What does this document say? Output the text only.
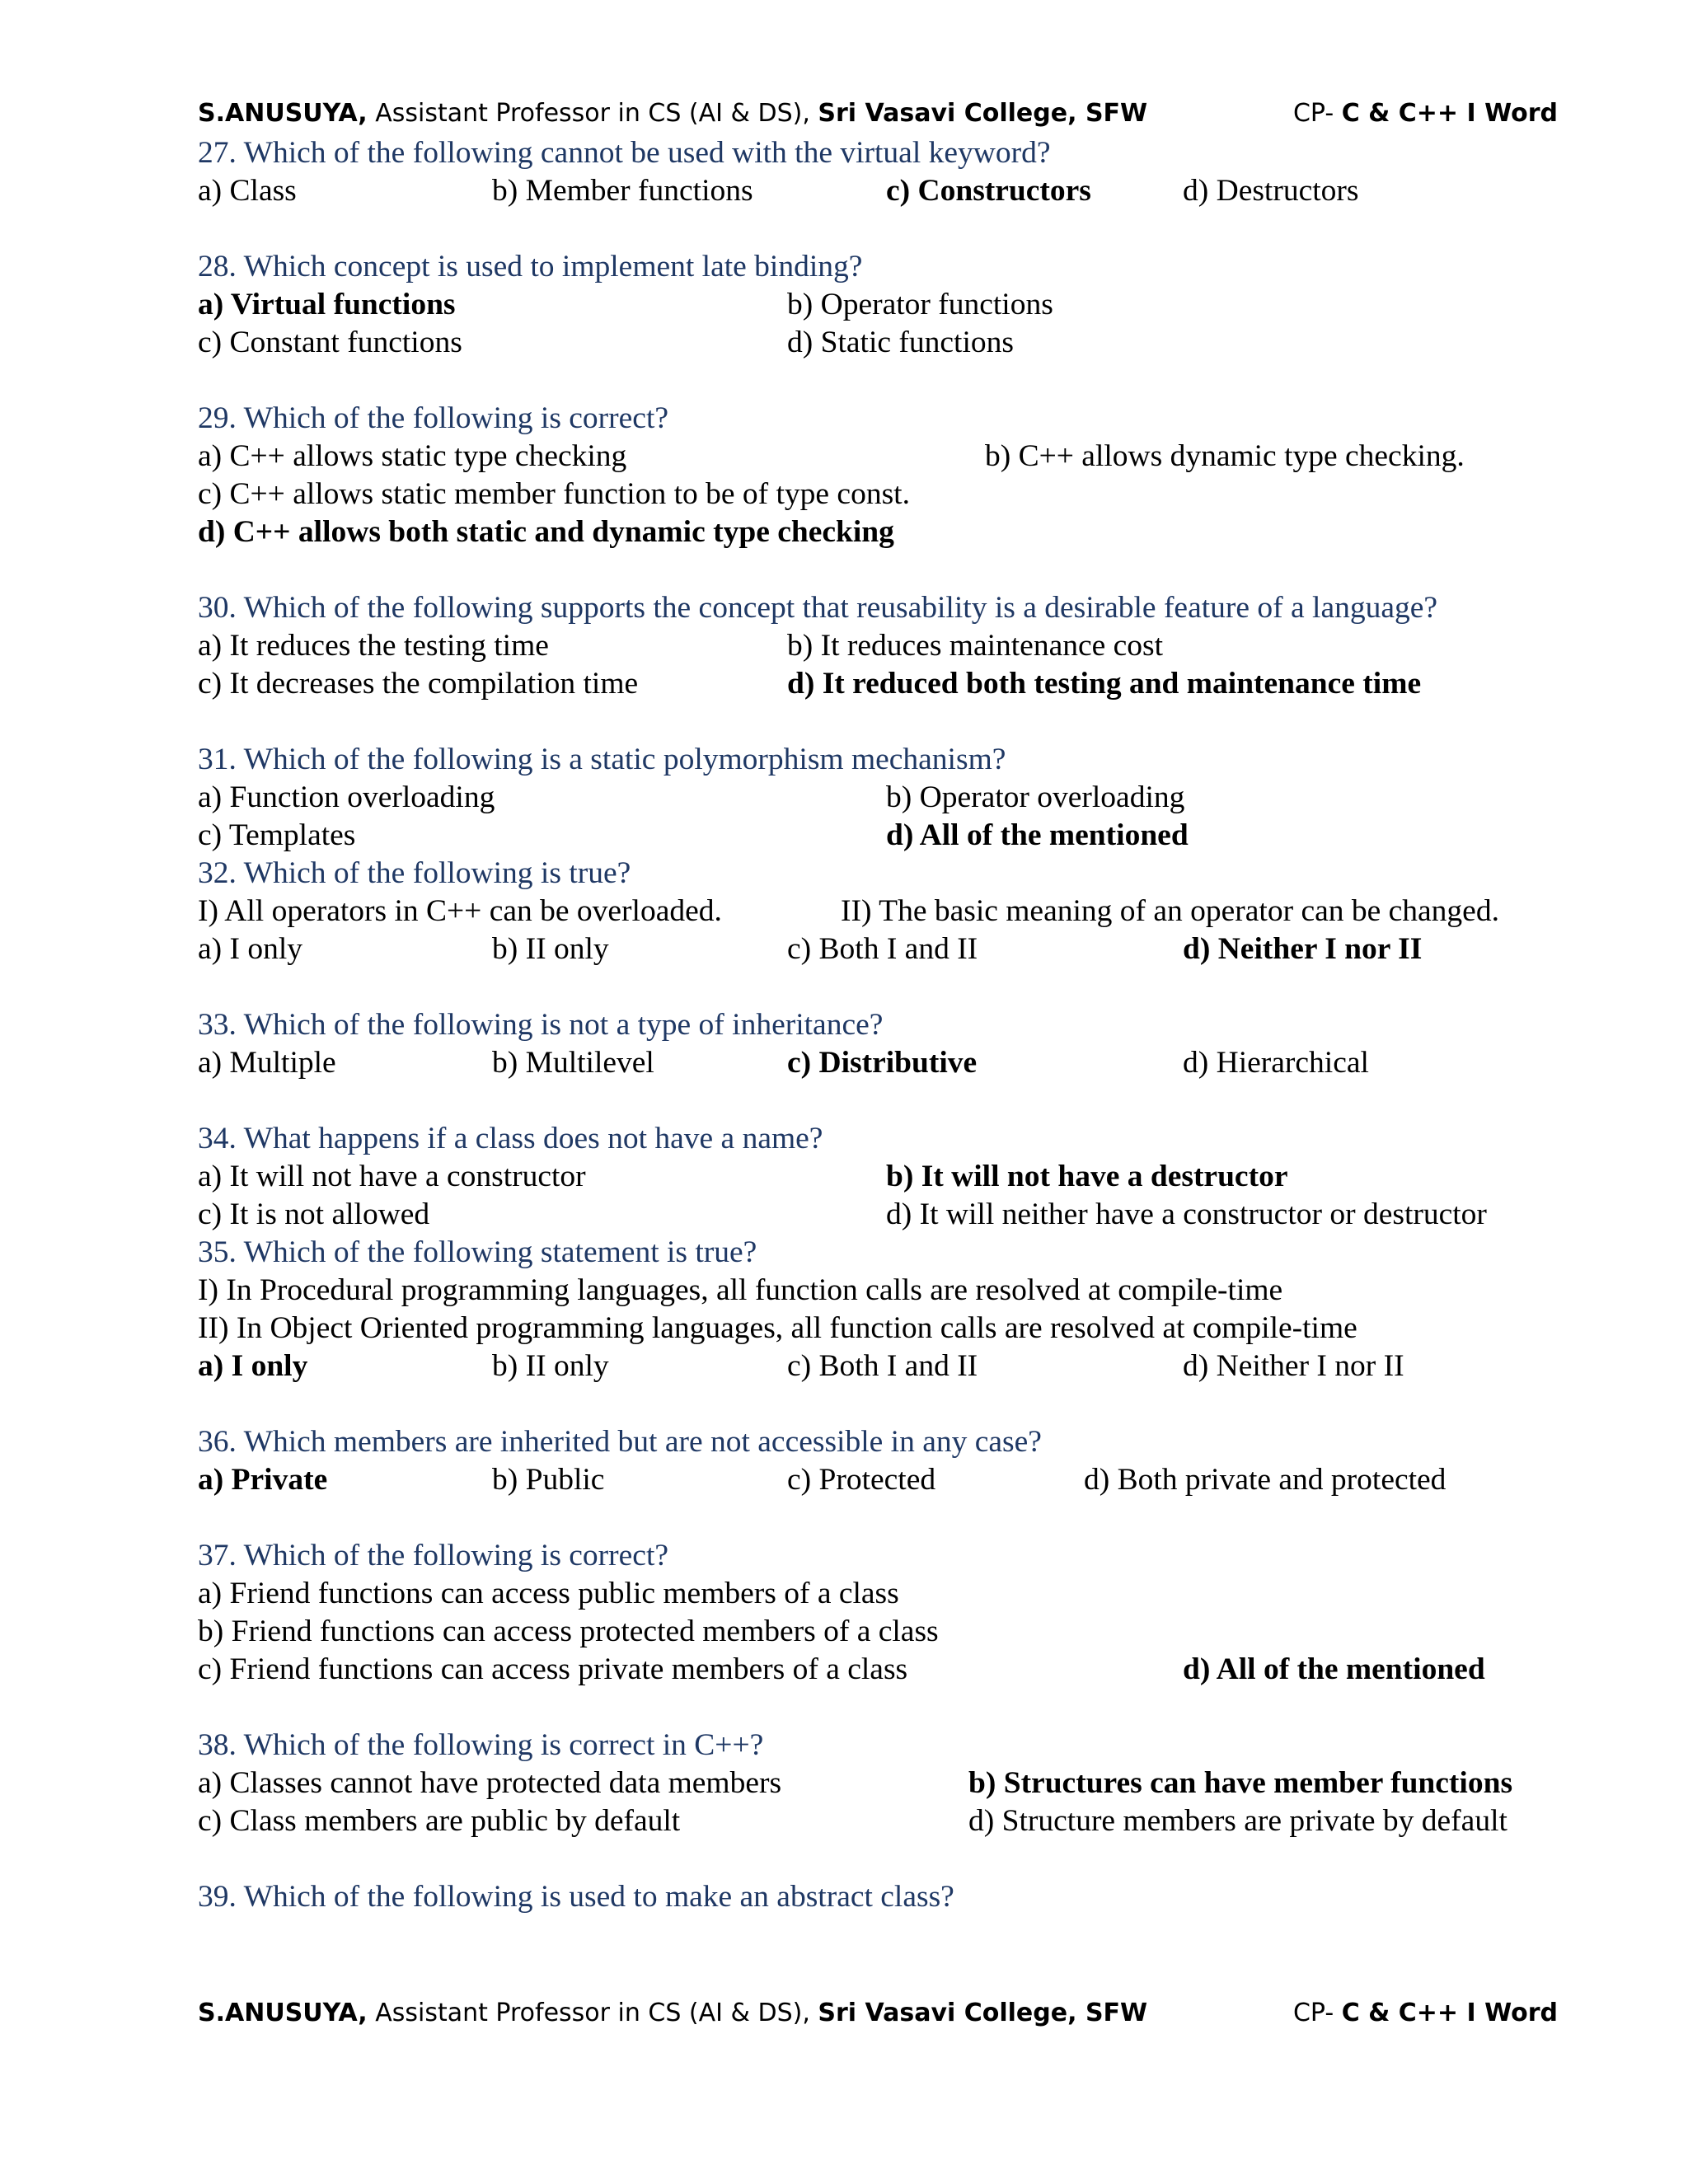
S.ANUSUYA, Assistant Professor in CS (AI & DS), Sri Vasavi College, SFW	CP- C & C++ I Word
27. Which of the following cannot be used with the virtual keyword?
a) Class	b) Member functions	c) Constructors	d) Destructors
28. Which concept is used to implement late binding?
a) Virtual functions	b) Operator functions
c) Constant functions	d) Static functions
29. Which of the following is correct?
a) C++ allows static type checking	b) C++ allows dynamic type checking.
c) C++ allows static member function to be of type const.
d) C++ allows both static and dynamic type checking
30. Which of the following supports the concept that reusability is a desirable feature of a language?
a) It reduces the testing time	b) It reduces maintenance cost
c) It decreases the compilation time	d) It reduced both testing and maintenance time
31. Which of the following is a static polymorphism mechanism?
a) Function overloading	b) Operator overloading
c) Templates	d) All of the mentioned
32. Which of the following is true?
I) All operators in C++ can be overloaded.	II) The basic meaning of an operator can be changed.
a) I only	b) II only	c) Both I and II	d) Neither I nor II
33. Which of the following is not a type of inheritance?
a) Multiple	b) Multilevel	c) Distributive	d) Hierarchical
34. What happens if a class does not have a name?
a) It will not have a constructor	b) It will not have a destructor
c) It is not allowed	d) It will neither have a constructor or destructor
35. Which of the following statement is true?
I) In Procedural programming languages, all function calls are resolved at compile-time
II) In Object Oriented programming languages, all function calls are resolved at compile-time
a) I only	b) II only	c) Both I and II	d) Neither I nor II
36. Which members are inherited but are not accessible in any case?
a) Private	b) Public	c) Protected	d) Both private and protected
37. Which of the following is correct?
a) Friend functions can access public members of a class
b) Friend functions can access protected members of a class
c) Friend functions can access private members of a class	d) All of the mentioned
38. Which of the following is correct in C++?
a) Classes cannot have protected data members	b) Structures can have member functions
c) Class members are public by default	d) Structure members are private by default
39. Which of the following is used to make an abstract class?
S.ANUSUYA, Assistant Professor in CS (AI & DS), Sri Vasavi College, SFW	CP- C & C++ I Word
